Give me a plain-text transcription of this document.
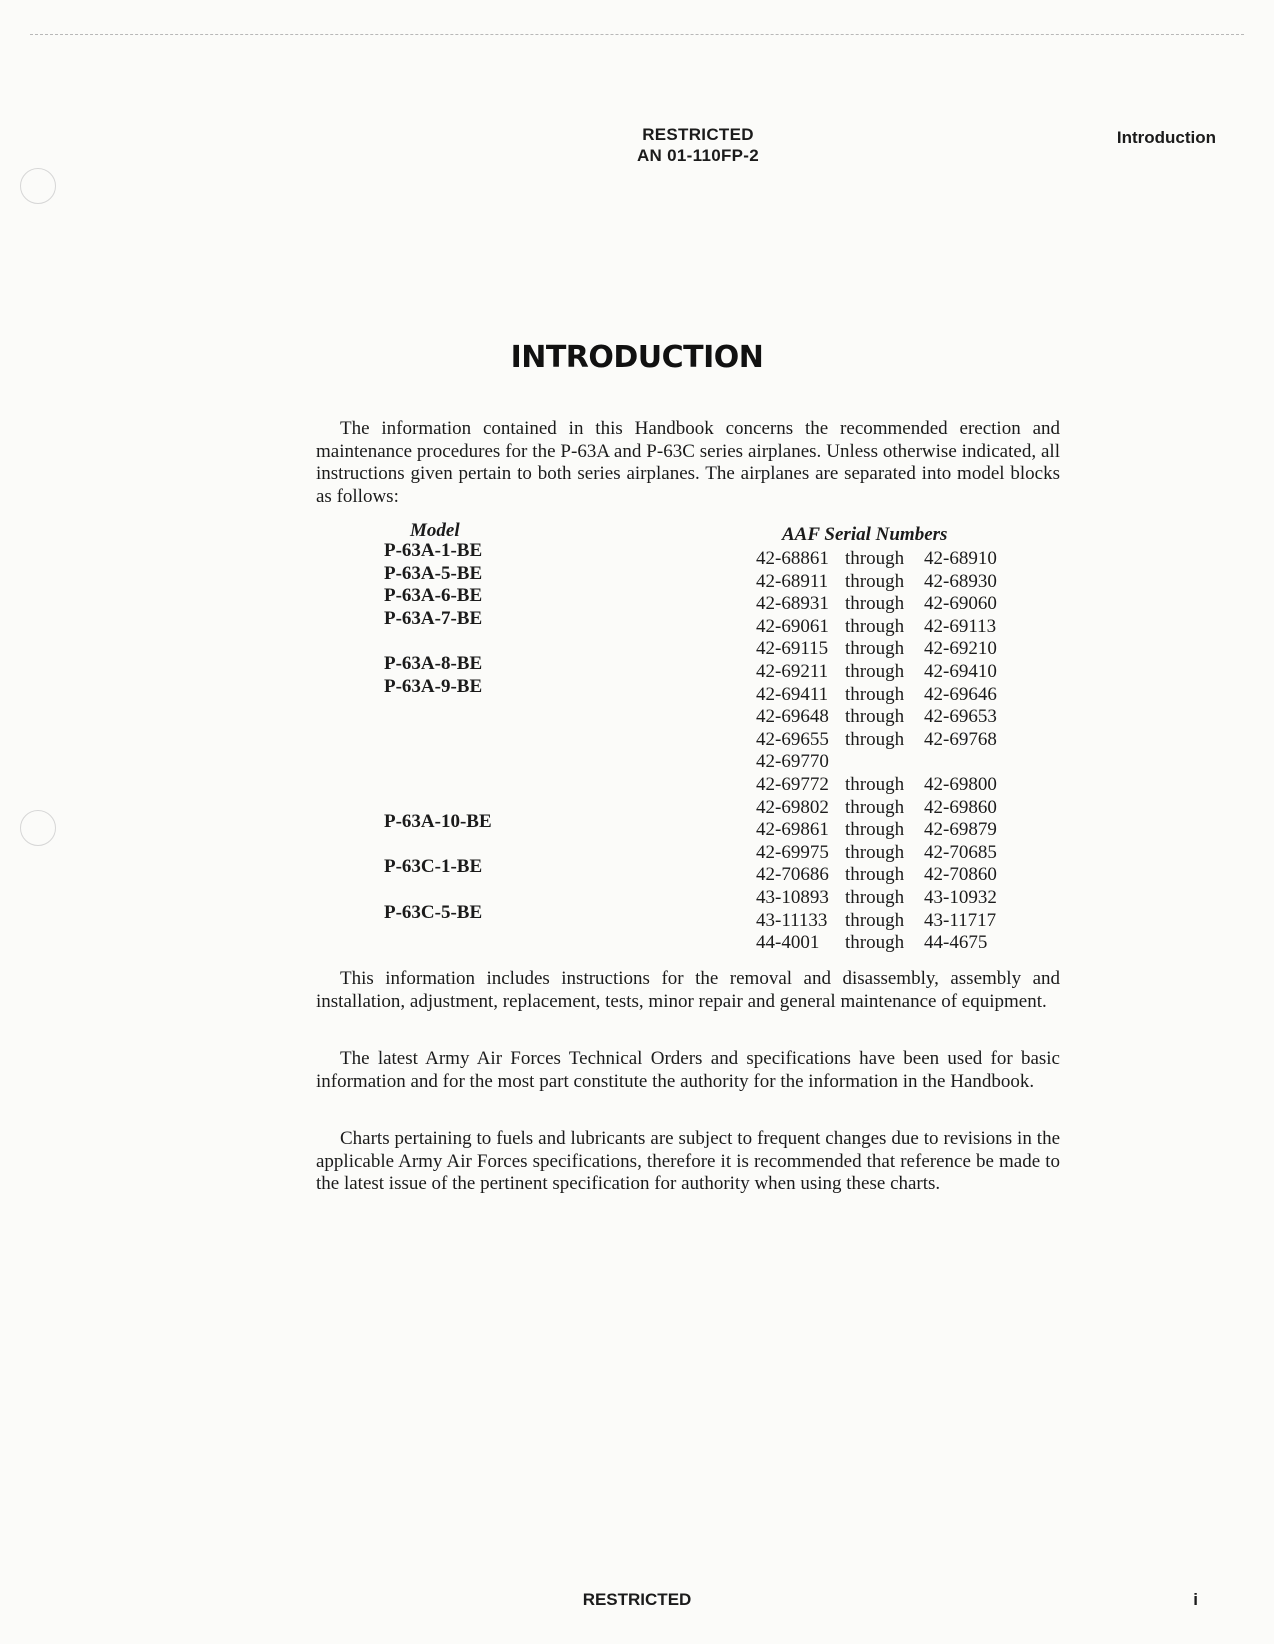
RESTRICTED
AN 01-110FP-2
Introduction
INTRODUCTION

The information contained in this Handbook concerns the recommended erection and maintenance procedures for the P-63A and P-63C series airplanes. Unless otherwise indicated, all instructions given pertain to both series airplanes. The airplanes are separated into model blocks as follows:

Model	AAF Serial Numbers
P-63A-1-BE
P-63A-5-BE
P-63A-6-BE
P-63A-7-BE
P-63A-8-BE
P-63A-9-BE
P-63A-10-BE
P-63C-1-BE
P-63C-5-BE
42-68861 through 42-68910
42-68911 through 42-68930
42-68931 through 42-69060
42-69061 through 42-69113
42-69115 through 42-69210
42-69211 through 42-69410
42-69411 through 42-69646
42-69648 through 42-69653
42-69655 through 42-69768
42-69770
42-69772 through 42-69800
42-69802 through 42-69860
42-69861 through 42-69879
42-69975 through 42-70685
42-70686 through 42-70860
43-10893 through 43-10932
43-11133 through 43-11717
44-4001 through 44-4675

This information includes instructions for the removal and disassembly, assembly and installation, adjustment, replacement, tests, minor repair and general maintenance of equipment.

The latest Army Air Forces Technical Orders and specifications have been used for basic information and for the most part constitute the authority for the information in the Handbook.

Charts pertaining to fuels and lubricants are subject to frequent changes due to revisions in the applicable Army Air Forces specifications, therefore it is recommended that reference be made to the latest issue of the pertinent specification for authority when using these charts.

RESTRICTED	i
